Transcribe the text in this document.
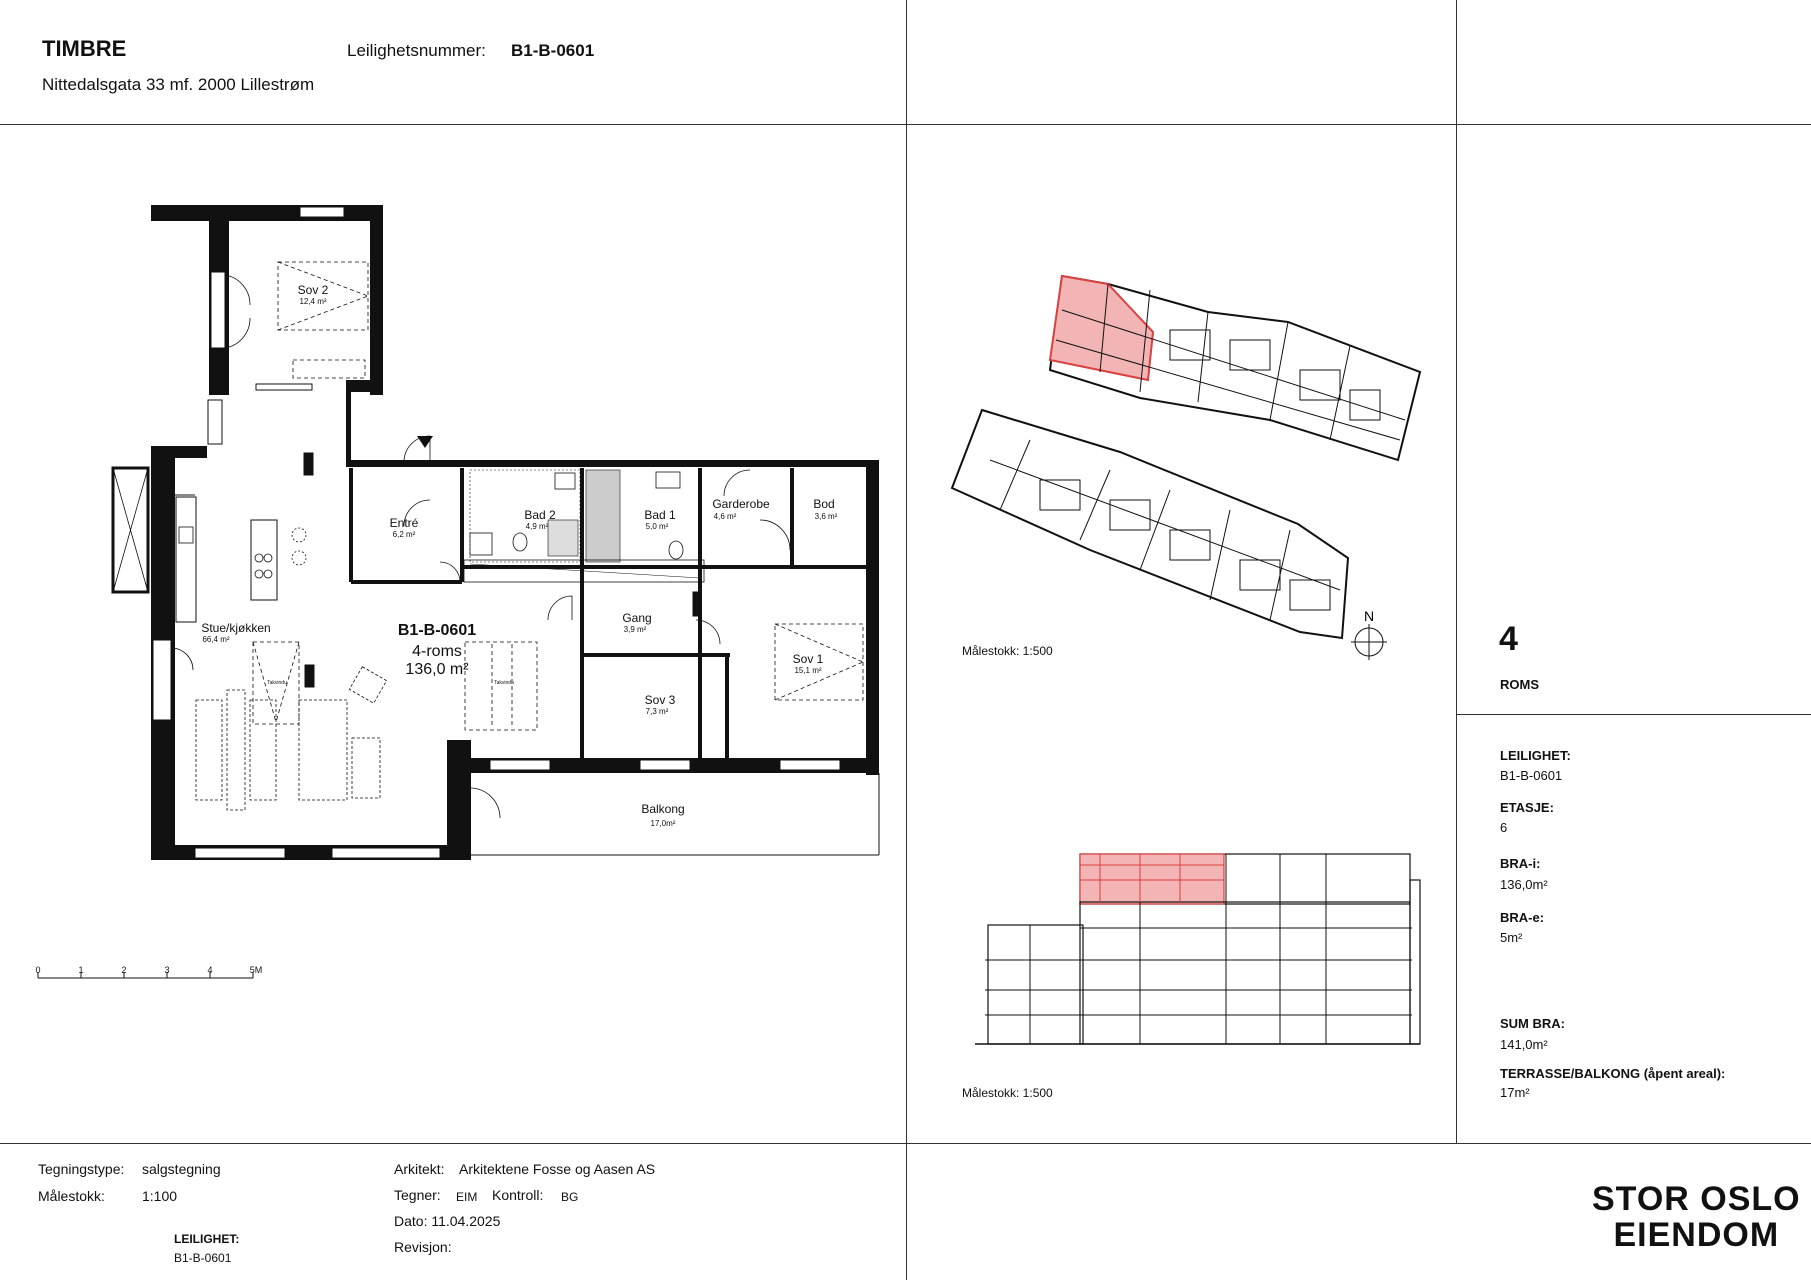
TIMBRE
Nittedalsgata 33 mf. 2000 Lillestrøm
Leilighetsnummer: B1-B-0601
Sov 2
12,4 m²
Entré
6,2 m²
Bad 2
4,9 m²
Bad 1
5,0 m²
Garderobe
4,6 m²
Bod
3,6 m²
Stue/kjøkken
66,4 m²
Gang
3,9 m²
Sov 1
15,1 m²
Sov 3
7,3 m²
Balkong
17,0m²
Takvindu	Takvindu
B1-B-0601
4-roms
136,0 m²
0	1	2	3	4	5M
N
Målestokk: 1:500
Målestokk: 1:500
4
ROMS
LEILIGHET:
B1-B-0601
ETASJE:
6
BRA-i:
136,0m²
BRA-e:
5m²
SUM BRA:
141,0m²
TERRASSE/BALKONG (åpent areal):
17m²
Tegningstype: salgstegning
Målestokk:	1:100
LEILIGHET:
B1-B-0601
Arkitekt: Arkitektene Fosse og Aasen AS
Tegner: EIM Kontroll: BG
Dato: 11.04.2025
Revisjon:
STOR OSLO
EIENDOM
